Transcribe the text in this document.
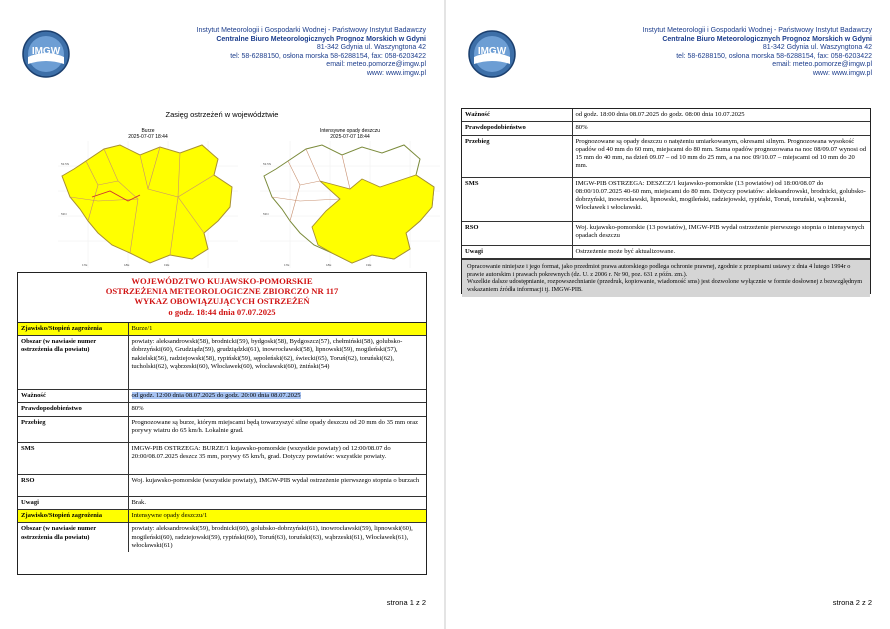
IMGW
Instytut Meteorologii i Gospodarki Wodnej - Państwowy Instytut Badawczy
Centralne Biuro Meteorologicznych Prognoz Morskich w Gdyni
81-342 Gdynia ul. Waszyngtona 42
tel: 58-6288150, osłona morska 58-6288154, fax: 058-6203422
email: meteo.pomorze@imgw.pl
www: www.imgw.pl
Zasięg ostrzeżeń w województwie
Burze
2025-07-07 18:44
53.5N
53N
17E	18E	19E
Intensywne opady deszczu
2025-07-07 18:44
53.5N
53N
17E	18E	19E
WOJEWÓDZTWO KUJAWSKO-POMORSKIE
OSTRZEŻENIA METEOROLOGICZNE ZBIORCZO NR 117
WYKAZ OBOWIĄZUJĄCYCH OSTRZEŻEŃ
o godz. 18:44 dnia 07.07.2025
Zjawisko/Stopień zagrożenia	Burze/1
Obszar (w nawiasie numer ostrzeżenia dla powiatu)	powiaty: aleksandrowski(58), brodnicki(59), bydgoski(58), Bydgoszcz(57), chełmiński(58), golubsko-dobrzyński(60), Grudziądz(59), grudziądzki(61), inowrocławski(58), lipnowski(59), mogileński(57), nakielski(56), radziejowski(58), rypiński(59), sępoleński(62), świecki(65), Toruń(62), toruński(62), tucholski(62), wąbrzeski(60), Włocławek(60), włocławski(60), żniński(54)
Ważność	od godz. 12:00 dnia 08.07.2025 do godz. 20:00 dnia 08.07.2025
Prawdopodobieństwo	80%
Przebieg	Prognozowane są burze, którym miejscami będą towarzyszyć silne opady deszczu od 20 mm do 35 mm oraz porywy wiatru do 65 km/h. Lokalnie grad.
SMS	IMGW-PIB OSTRZEGA: BURZE/1 kujawsko-pomorskie (wszystkie powiaty) od 12:00/08.07 do 20:00/08.07.2025 deszcz 35 mm, porywy 65 km/h, grad. Dotyczy powiatów: wszystkie powiaty.
RSO	Woj. kujawsko-pomorskie (wszystkie powiaty), IMGW-PIB wydał ostrzeżenie pierwszego stopnia o burzach
Uwagi	Brak.
Zjawisko/Stopień zagrożenia	Intensywne opady deszczu/1
Obszar (w nawiasie numer ostrzeżenia dla powiatu)	powiaty: aleksandrowski(59), brodnicki(60), golubsko-dobrzyński(61), inowrocławski(59), lipnowski(60), mogileński(60), radziejowski(59), rypiński(60), Toruń(63), toruński(63), wąbrzeski(61), Włocławek(61), włocławski(61)
strona 1 z 2
IMGW
Instytut Meteorologii i Gospodarki Wodnej - Państwowy Instytut Badawczy
Centralne Biuro Meteorologicznych Prognoz Morskich w Gdyni
81-342 Gdynia ul. Waszyngtona 42
tel: 58-6288150, osłona morska 58-6288154, fax: 058-6203422
email: meteo.pomorze@imgw.pl
www: www.imgw.pl
Ważność	od godz. 18:00 dnia 08.07.2025 do godz. 08:00 dnia 10.07.2025
Prawdopodobieństwo	80%
Przebieg	Prognozowane są opady deszczu o natężeniu umiarkowanym, okresami silnym. Prognozowana wysokość opadów od 40 mm do 60 mm, miejscami do 80 mm. Suma opadów prognozowana na noc 08/09.07 wynosi od 15 mm do 40 mm, na dzień 09.07 – od 10 mm do 25 mm, a na noc 09/10.07 – miejscami od 10 mm do 20 mm.
SMS	IMGW-PIB OSTRZEGA: DESZCZ/1 kujawsko-pomorskie (13 powiatów) od 18:00/08.07 do 08:00/10.07.2025 40-60 mm, miejscami do 80 mm. Dotyczy powiatów: aleksandrowski, brodnicki, golubsko-dobrzyński, inowrocławski, lipnowski, mogileński, radziejowski, rypiński, Toruń, toruński, wąbrzeski, Włocławek i włocławski.
RSO	Woj. kujawsko-pomorskie (13 powiatów), IMGW-PIB wydał ostrzeżenie pierwszego stopnia o intensywnych opadach deszczu
Uwagi	Ostrzeżenie może być aktualizowane.
Opracowanie niniejsze i jego format, jako przedmiot prawa autorskiego podlega ochronie prawnej, zgodnie z przepisami ustawy z dnia 4 lutego 1994r o prawie autorskim i prawach pokrewnych (dz. U. z 2006 r. Nr 90, poz. 631 z późn. zm.).
Wszelkie dalsze udostępnianie, rozpowszechnianie (przedruk, kopiowanie, wiadomość sms) jest dozwolone wyłącznie w formie dosłownej z bezwzględnym wskazaniem źródła informacji tj. IMGW-PIB.
strona 2 z 2
